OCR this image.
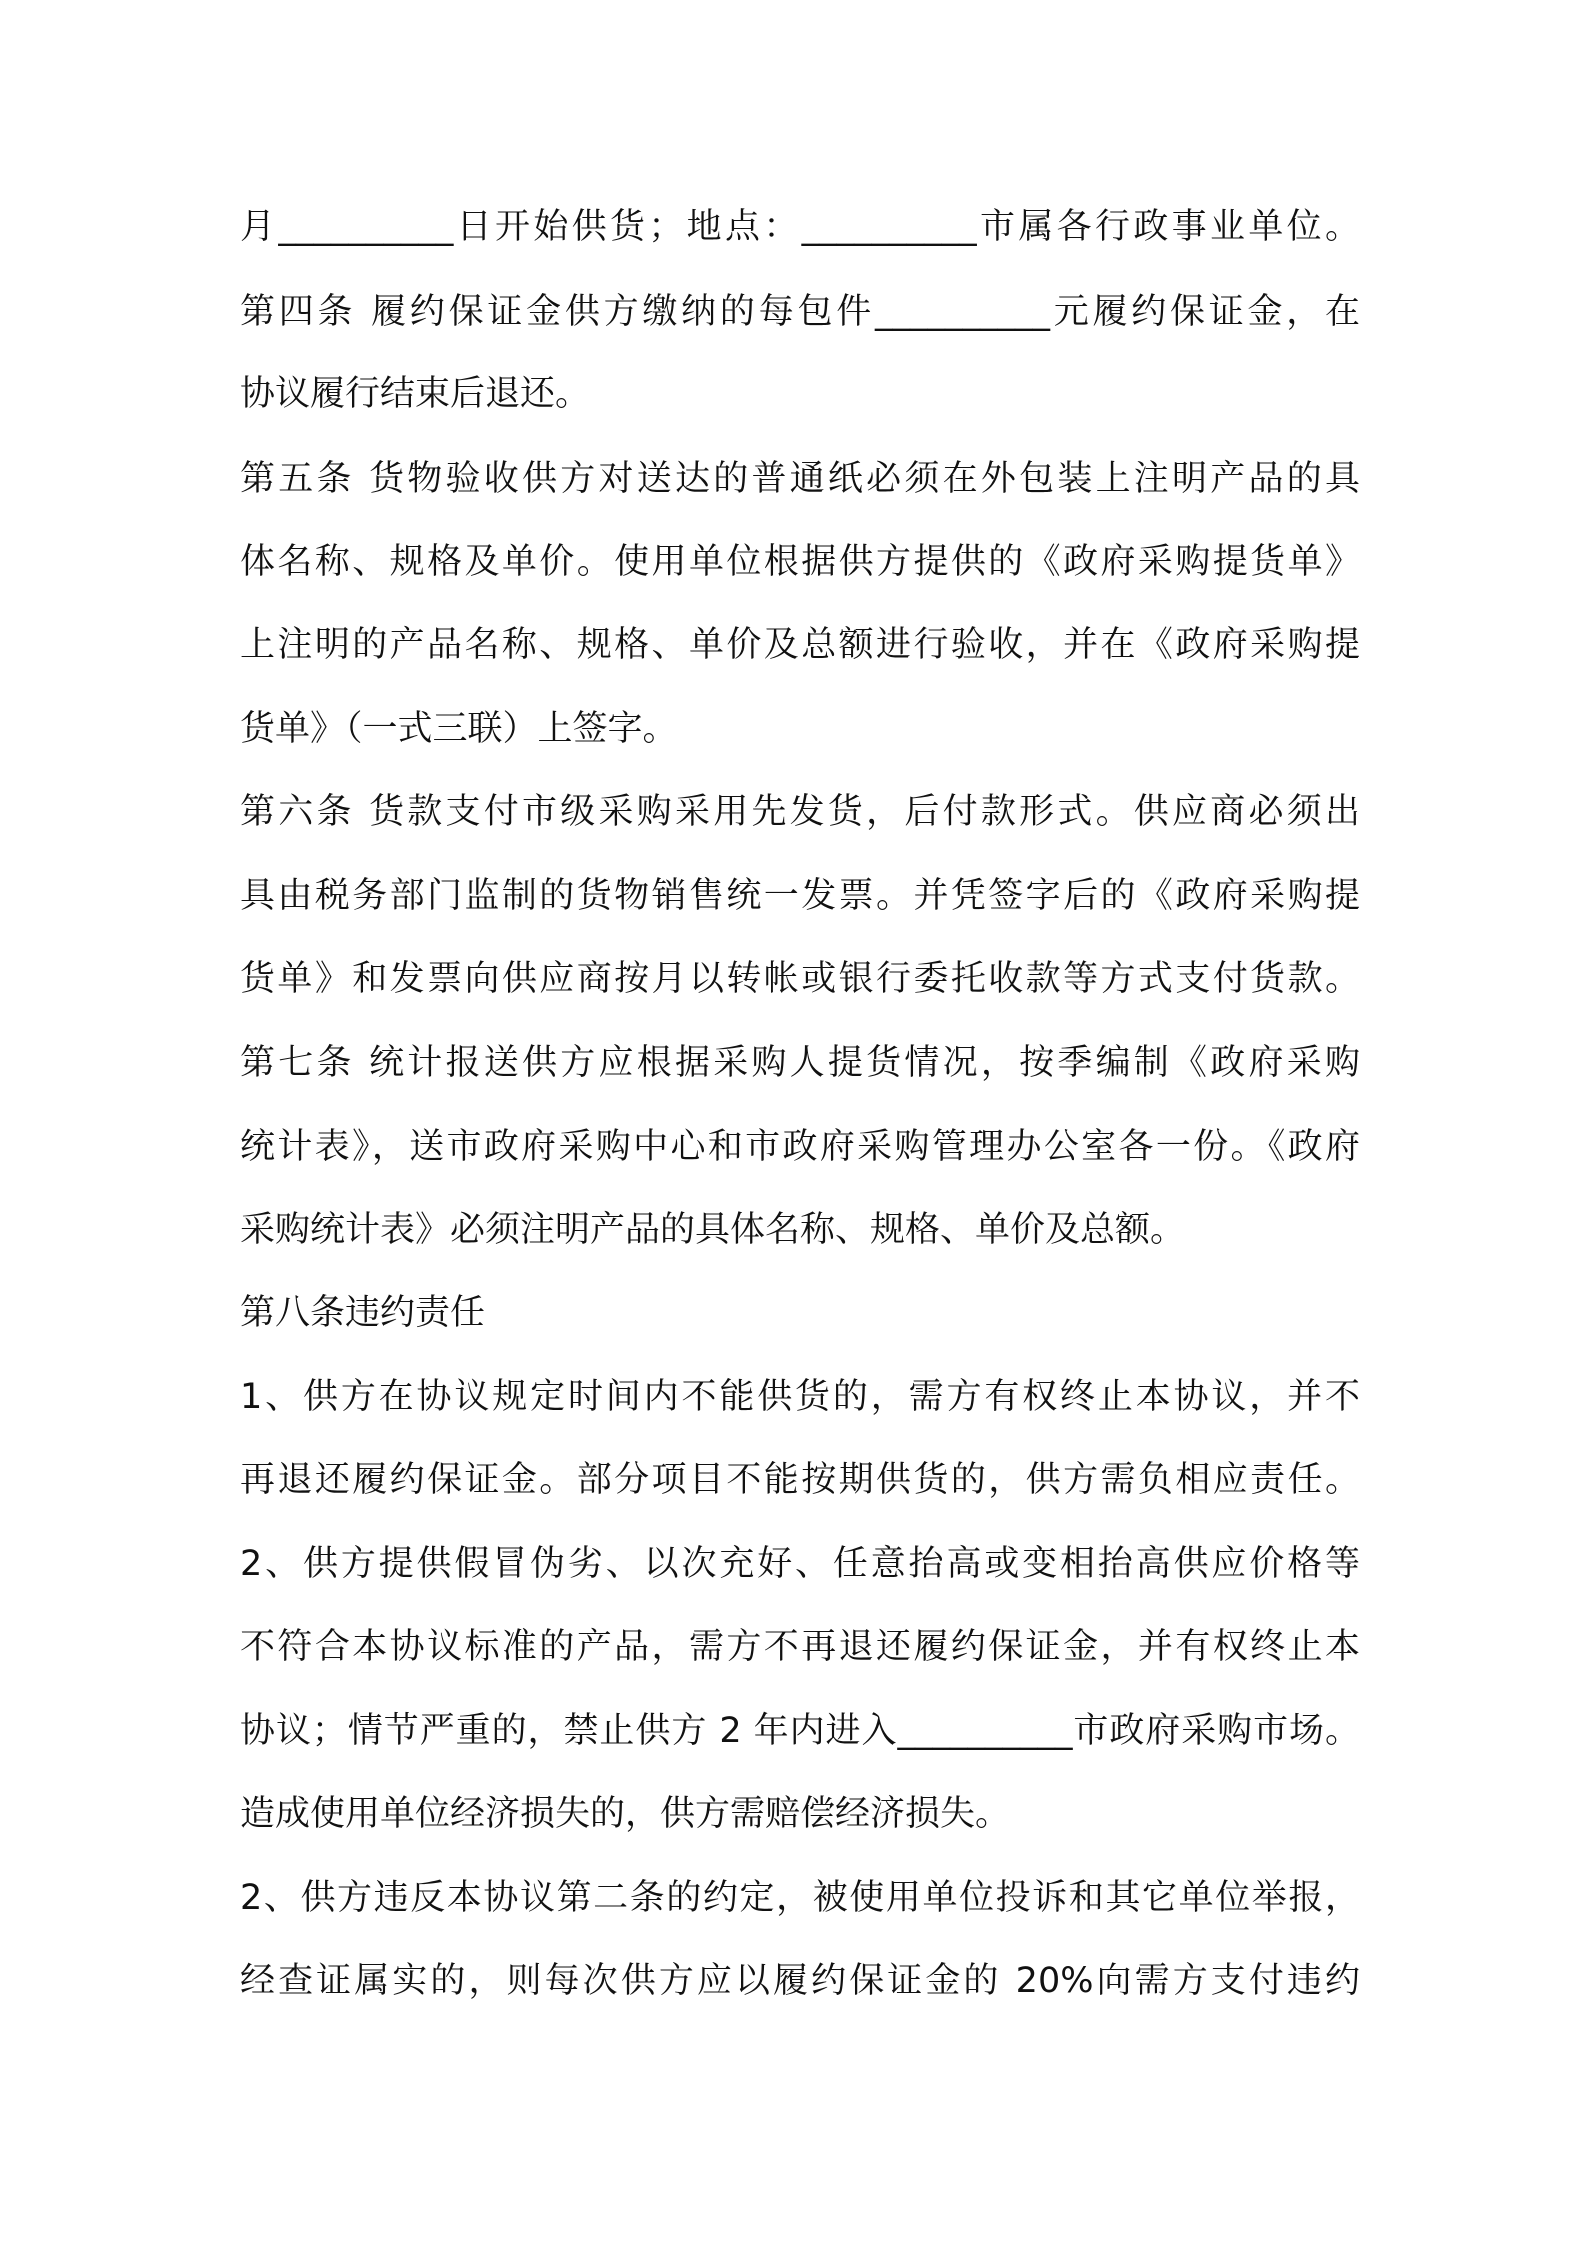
月__________日开始供货；地点：__________市属各行政事业单位。
第四条 履约保证金供方缴纳的每包件__________元履约保证金，在
协议履行结束后退还。
第五条 货物验收供方对送达的普通纸必须在外包装上注明产品的具
体名称、规格及单价。使用单位根据供方提供的《政府采购提货单》
上注明的产品名称、规格、单价及总额进行验收，并在《政府采购提
货单》（一式三联）上签字。
第六条 货款支付市级采购采用先发货，后付款形式。供应商必须出
具由税务部门监制的货物销售统一发票。并凭签字后的《政府采购提
货单》和发票向供应商按月以转帐或银行委托收款等方式支付货款。
第七条 统计报送供方应根据采购人提货情况，按季编制《政府采购
统计表》，送市政府采购中心和市政府采购管理办公室各一份。《政府
采购统计表》必须注明产品的具体名称、规格、单价及总额。
第八条违约责任
1、供方在协议规定时间内不能供货的，需方有权终止本协议，并不
再退还履约保证金。部分项目不能按期供货的，供方需负相应责任。
2、供方提供假冒伪劣、以次充好、任意抬高或变相抬高供应价格等
不符合本协议标准的产品，需方不再退还履约保证金，并有权终止本
协议；情节严重的，禁止供方 2 年内进入__________市政府采购市场。
造成使用单位经济损失的，供方需赔偿经济损失。
2、供方违反本协议第二条的约定，被使用单位投诉和其它单位举报，
经查证属实的，则每次供方应以履约保证金的 20%向需方支付违约
